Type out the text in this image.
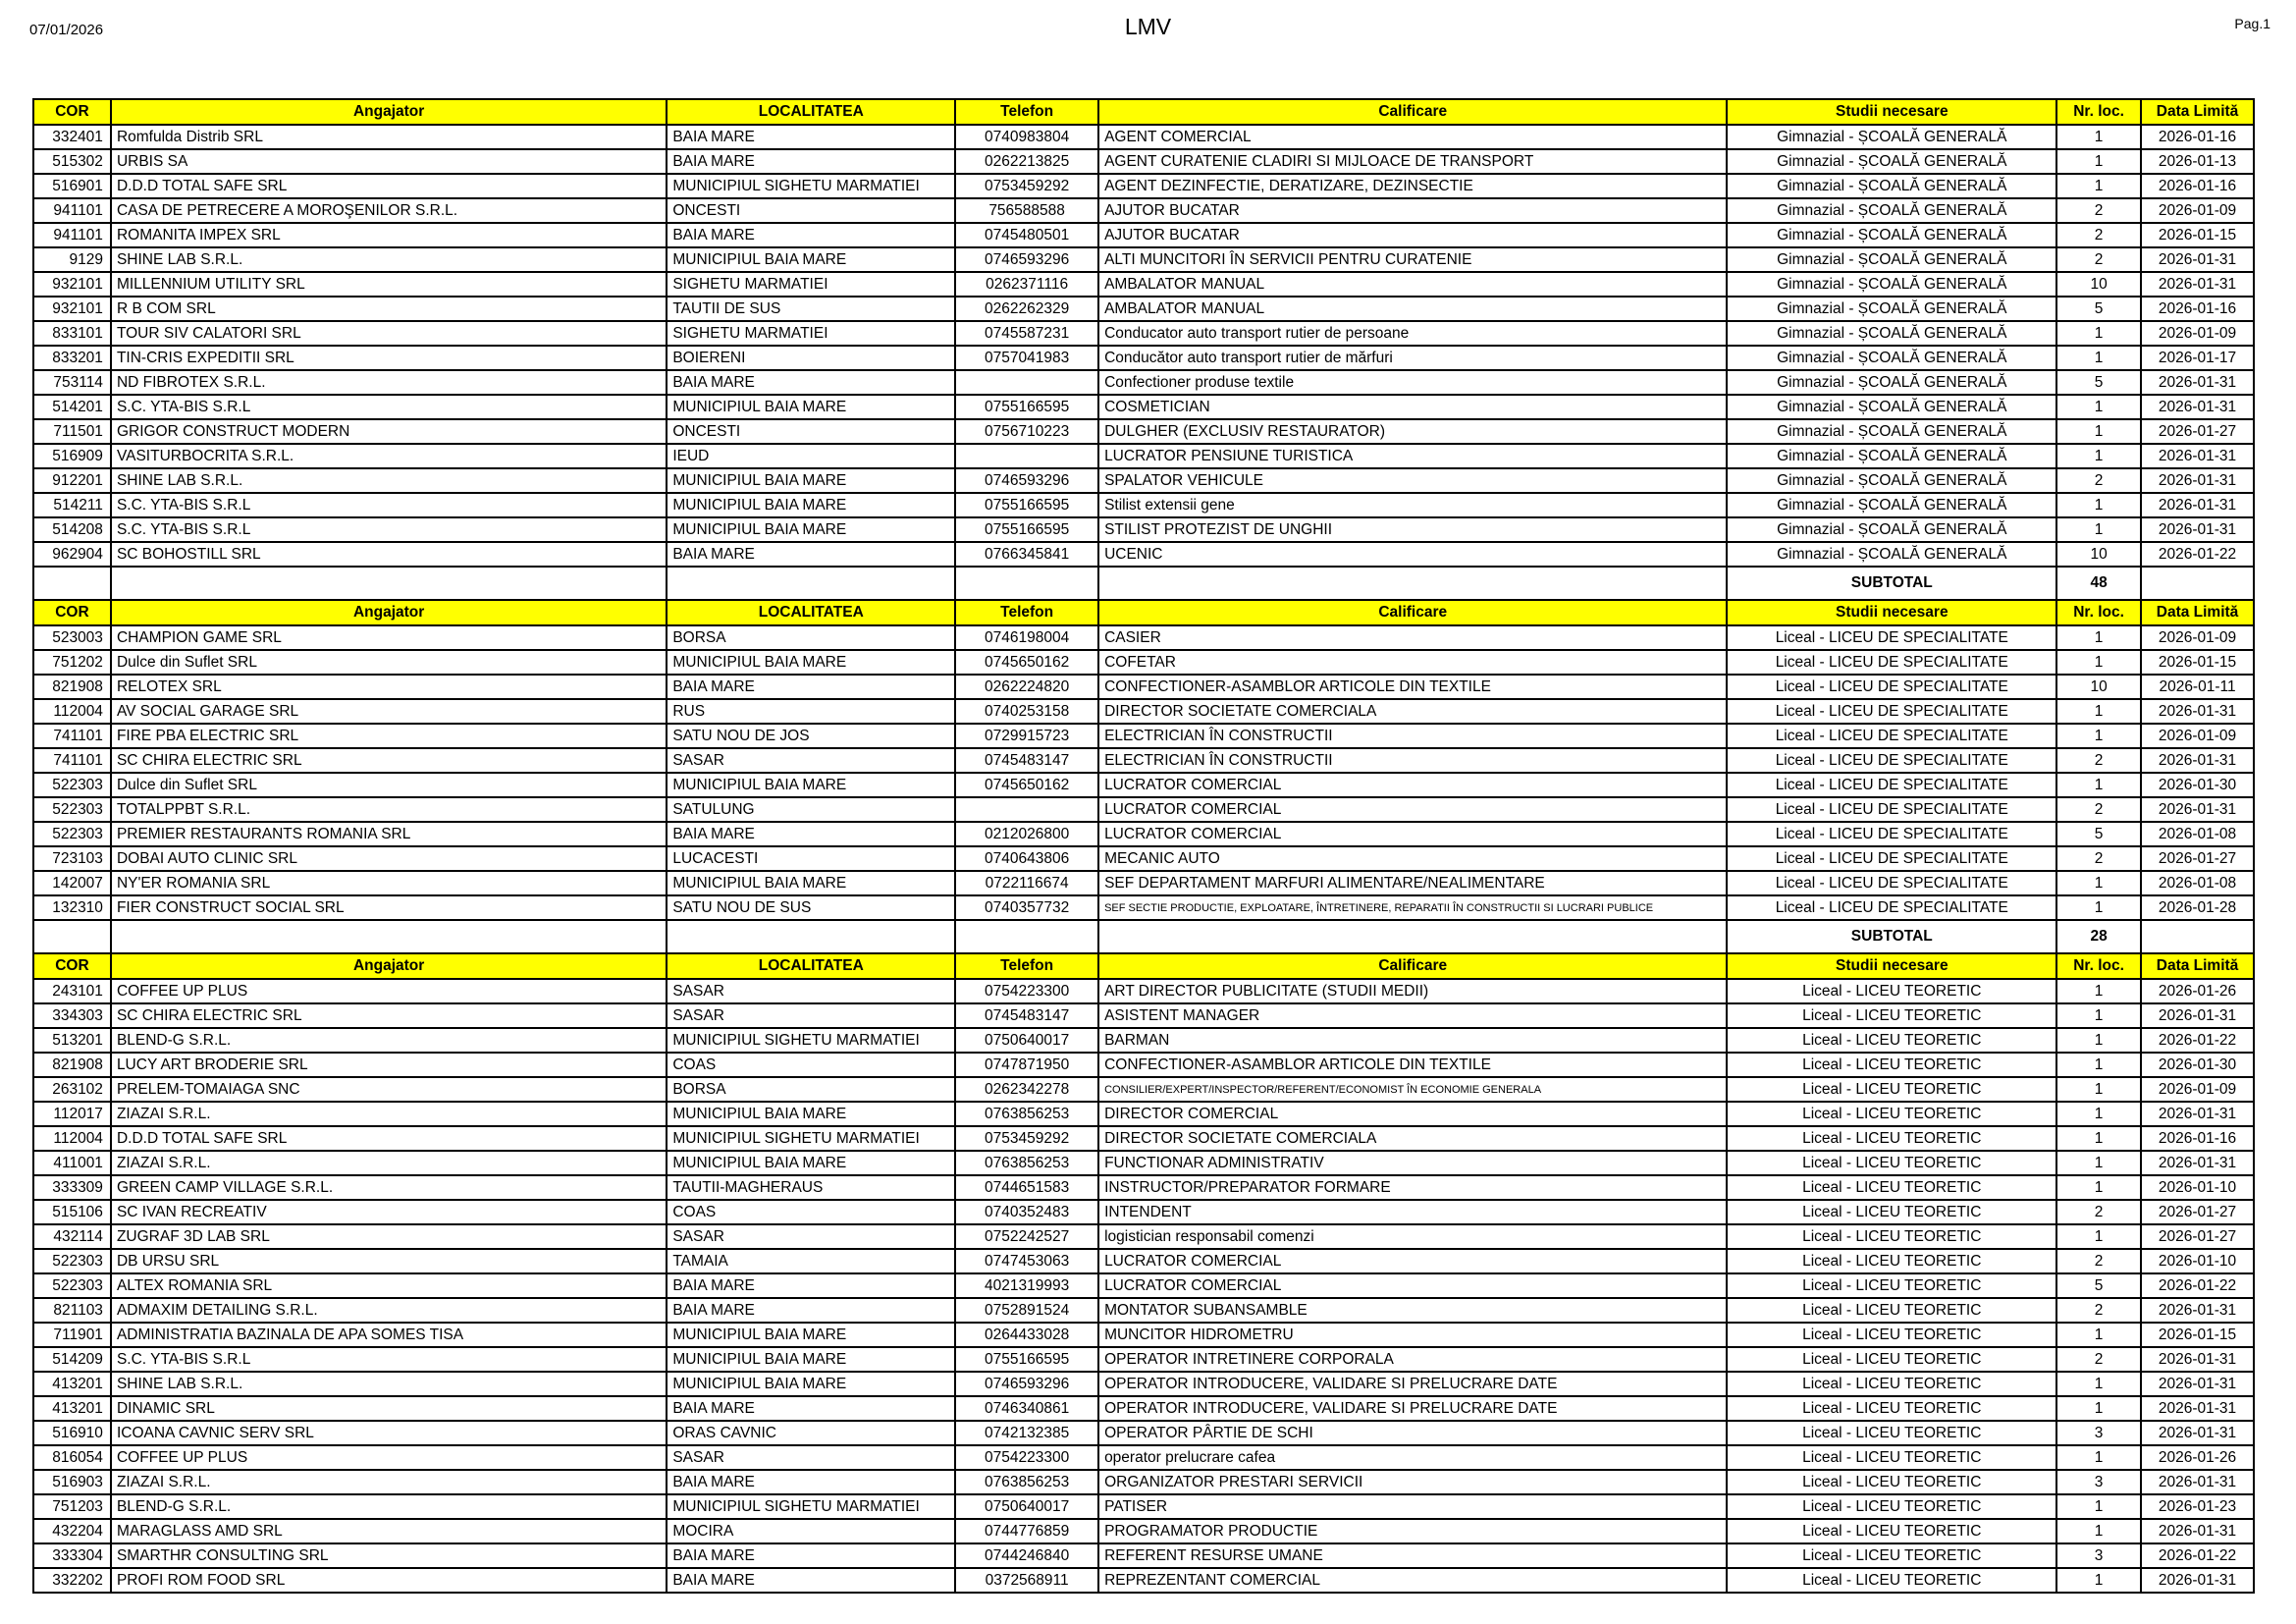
07/01/2026	LMV	Pag.1
COR	Angajator	LOCALITATEA	Telefon	Calificare	Studii necesare	Nr. loc.	Data Limită
332401	Romfulda Distrib SRL	BAIA MARE	0740983804	AGENT COMERCIAL	Gimnazial - ȘCOALĂ GENERALĂ	1	2026-01-16
515302	URBIS SA	BAIA MARE	0262213825	AGENT CURATENIE CLADIRI SI MIJLOACE DE TRANSPORT	Gimnazial - ȘCOALĂ GENERALĂ	1	2026-01-13
516901	D.D.D TOTAL SAFE SRL	MUNICIPIUL SIGHETU MARMATIEI	0753459292	AGENT DEZINFECTIE, DERATIZARE, DEZINSECTIE	Gimnazial - ȘCOALĂ GENERALĂ	1	2026-01-16
941101	CASA DE PETRECERE A MOROŞENILOR S.R.L.	ONCESTI	756588588	AJUTOR BUCATAR	Gimnazial - ȘCOALĂ GENERALĂ	2	2026-01-09
941101	ROMANITA IMPEX SRL	BAIA MARE	0745480501	AJUTOR BUCATAR	Gimnazial - ȘCOALĂ GENERALĂ	2	2026-01-15
9129	SHINE LAB S.R.L.	MUNICIPIUL BAIA MARE	0746593296	ALTI MUNCITORI ÎN SERVICII PENTRU CURATENIE	Gimnazial - ȘCOALĂ GENERALĂ	2	2026-01-31
932101	MILLENNIUM UTILITY SRL	SIGHETU MARMATIEI	0262371116	AMBALATOR MANUAL	Gimnazial - ȘCOALĂ GENERALĂ	10	2026-01-31
932101	R B COM SRL	TAUTII DE SUS	0262262329	AMBALATOR MANUAL	Gimnazial - ȘCOALĂ GENERALĂ	5	2026-01-16
833101	TOUR SIV CALATORI SRL	SIGHETU MARMATIEI	0745587231	Conducator auto transport rutier de persoane	Gimnazial - ȘCOALĂ GENERALĂ	1	2026-01-09
833201	TIN-CRIS EXPEDITII SRL	BOIERENI	0757041983	Conducător auto transport rutier de mărfuri	Gimnazial - ȘCOALĂ GENERALĂ	1	2026-01-17
753114	ND FIBROTEX S.R.L.	BAIA MARE		Confectioner produse textile	Gimnazial - ȘCOALĂ GENERALĂ	5	2026-01-31
514201	S.C. YTA-BIS S.R.L	MUNICIPIUL BAIA MARE	0755166595	COSMETICIAN	Gimnazial - ȘCOALĂ GENERALĂ	1	2026-01-31
711501	GRIGOR CONSTRUCT MODERN	ONCESTI	0756710223	DULGHER (EXCLUSIV RESTAURATOR)	Gimnazial - ȘCOALĂ GENERALĂ	1	2026-01-27
516909	VASITURBOCRITA S.R.L.	IEUD		LUCRATOR PENSIUNE TURISTICA	Gimnazial - ȘCOALĂ GENERALĂ	1	2026-01-31
912201	SHINE LAB S.R.L.	MUNICIPIUL BAIA MARE	0746593296	SPALATOR VEHICULE	Gimnazial - ȘCOALĂ GENERALĂ	2	2026-01-31
514211	S.C. YTA-BIS S.R.L	MUNICIPIUL BAIA MARE	0755166595	Stilist extensii gene	Gimnazial - ȘCOALĂ GENERALĂ	1	2026-01-31
514208	S.C. YTA-BIS S.R.L	MUNICIPIUL BAIA MARE	0755166595	STILIST PROTEZIST DE UNGHII	Gimnazial - ȘCOALĂ GENERALĂ	1	2026-01-31
962904	SC BOHOSTILL SRL	BAIA MARE	0766345841	UCENIC	Gimnazial - ȘCOALĂ GENERALĂ	10	2026-01-22
					SUBTOTAL	48	
COR	Angajator	LOCALITATEA	Telefon	Calificare	Studii necesare	Nr. loc.	Data Limită
523003	CHAMPION GAME SRL	BORSA	0746198004	CASIER	Liceal - LICEU DE SPECIALITATE	1	2026-01-09
751202	Dulce din Suflet SRL	MUNICIPIUL BAIA MARE	0745650162	COFETAR	Liceal - LICEU DE SPECIALITATE	1	2026-01-15
821908	RELOTEX SRL	BAIA MARE	0262224820	CONFECTIONER-ASAMBLOR ARTICOLE DIN TEXTILE	Liceal - LICEU DE SPECIALITATE	10	2026-01-11
112004	AV SOCIAL GARAGE SRL	RUS	0740253158	DIRECTOR SOCIETATE COMERCIALA	Liceal - LICEU DE SPECIALITATE	1	2026-01-31
741101	FIRE PBA ELECTRIC SRL	SATU NOU DE JOS	0729915723	ELECTRICIAN ÎN CONSTRUCTII	Liceal - LICEU DE SPECIALITATE	1	2026-01-09
741101	SC CHIRA ELECTRIC SRL	SASAR	0745483147	ELECTRICIAN ÎN CONSTRUCTII	Liceal - LICEU DE SPECIALITATE	2	2026-01-31
522303	Dulce din Suflet SRL	MUNICIPIUL BAIA MARE	0745650162	LUCRATOR COMERCIAL	Liceal - LICEU DE SPECIALITATE	1	2026-01-30
522303	TOTALPPBT S.R.L.	SATULUNG		LUCRATOR COMERCIAL	Liceal - LICEU DE SPECIALITATE	2	2026-01-31
522303	PREMIER RESTAURANTS ROMANIA SRL	BAIA MARE	0212026800	LUCRATOR COMERCIAL	Liceal - LICEU DE SPECIALITATE	5	2026-01-08
723103	DOBAI AUTO CLINIC SRL	LUCACESTI	0740643806	MECANIC AUTO	Liceal - LICEU DE SPECIALITATE	2	2026-01-27
142007	NY'ER ROMANIA SRL	MUNICIPIUL BAIA MARE	0722116674	SEF DEPARTAMENT MARFURI ALIMENTARE/NEALIMENTARE	Liceal - LICEU DE SPECIALITATE	1	2026-01-08
132310	FIER CONSTRUCT SOCIAL SRL	SATU NOU DE SUS	0740357732	SEF SECTIE PRODUCTIE, EXPLOATARE, ÎNTRETINERE, REPARATII ÎN CONSTRUCTII SI LUCRARI PUBLICE	Liceal - LICEU DE SPECIALITATE	1	2026-01-28
					SUBTOTAL	28	
COR	Angajator	LOCALITATEA	Telefon	Calificare	Studii necesare	Nr. loc.	Data Limită
243101	COFFEE UP PLUS	SASAR	0754223300	ART DIRECTOR PUBLICITATE (STUDII MEDII)	Liceal - LICEU TEORETIC	1	2026-01-26
334303	SC CHIRA ELECTRIC SRL	SASAR	0745483147	ASISTENT MANAGER	Liceal - LICEU TEORETIC	1	2026-01-31
513201	BLEND-G S.R.L.	MUNICIPIUL SIGHETU MARMATIEI	0750640017	BARMAN	Liceal - LICEU TEORETIC	1	2026-01-22
821908	LUCY ART BRODERIE SRL	COAS	0747871950	CONFECTIONER-ASAMBLOR ARTICOLE DIN TEXTILE	Liceal - LICEU TEORETIC	1	2026-01-30
263102	PRELEM-TOMAIAGA SNC	BORSA	0262342278	CONSILIER/EXPERT/INSPECTOR/REFERENT/ECONOMIST ÎN ECONOMIE GENERALA	Liceal - LICEU TEORETIC	1	2026-01-09
112017	ZIAZAI S.R.L.	MUNICIPIUL BAIA MARE	0763856253	DIRECTOR COMERCIAL	Liceal - LICEU TEORETIC	1	2026-01-31
112004	D.D.D TOTAL SAFE SRL	MUNICIPIUL SIGHETU MARMATIEI	0753459292	DIRECTOR SOCIETATE COMERCIALA	Liceal - LICEU TEORETIC	1	2026-01-16
411001	ZIAZAI S.R.L.	MUNICIPIUL BAIA MARE	0763856253	FUNCTIONAR ADMINISTRATIV	Liceal - LICEU TEORETIC	1	2026-01-31
333309	GREEN CAMP VILLAGE S.R.L.	TAUTII-MAGHERAUS	0744651583	INSTRUCTOR/PREPARATOR FORMARE	Liceal - LICEU TEORETIC	1	2026-01-10
515106	SC IVAN RECREATIV	COAS	0740352483	INTENDENT	Liceal - LICEU TEORETIC	2	2026-01-27
432114	ZUGRAF 3D LAB SRL	SASAR	0752242527	logistician responsabil comenzi	Liceal - LICEU TEORETIC	1	2026-01-27
522303	DB URSU SRL	TAMAIA	0747453063	LUCRATOR COMERCIAL	Liceal - LICEU TEORETIC	2	2026-01-10
522303	ALTEX ROMANIA SRL	BAIA MARE	4021319993	LUCRATOR COMERCIAL	Liceal - LICEU TEORETIC	5	2026-01-22
821103	ADMAXIM DETAILING S.R.L.	BAIA MARE	0752891524	MONTATOR SUBANSAMBLE	Liceal - LICEU TEORETIC	2	2026-01-31
711901	ADMINISTRATIA BAZINALA DE APA SOMES TISA	MUNICIPIUL BAIA MARE	0264433028	MUNCITOR HIDROMETRU	Liceal - LICEU TEORETIC	1	2026-01-15
514209	S.C. YTA-BIS S.R.L	MUNICIPIUL BAIA MARE	0755166595	OPERATOR INTRETINERE CORPORALA	Liceal - LICEU TEORETIC	2	2026-01-31
413201	SHINE LAB S.R.L.	MUNICIPIUL BAIA MARE	0746593296	OPERATOR INTRODUCERE, VALIDARE SI PRELUCRARE DATE	Liceal - LICEU TEORETIC	1	2026-01-31
413201	DINAMIC SRL	BAIA MARE	0746340861	OPERATOR INTRODUCERE, VALIDARE SI PRELUCRARE DATE	Liceal - LICEU TEORETIC	1	2026-01-31
516910	ICOANA CAVNIC SERV SRL	ORAS CAVNIC	0742132385	OPERATOR PÂRTIE DE SCHI	Liceal - LICEU TEORETIC	3	2026-01-31
816054	COFFEE UP PLUS	SASAR	0754223300	operator prelucrare cafea	Liceal - LICEU TEORETIC	1	2026-01-26
516903	ZIAZAI S.R.L.	BAIA MARE	0763856253	ORGANIZATOR PRESTARI SERVICII	Liceal - LICEU TEORETIC	3	2026-01-31
751203	BLEND-G S.R.L.	MUNICIPIUL SIGHETU MARMATIEI	0750640017	PATISER	Liceal - LICEU TEORETIC	1	2026-01-23
432204	MARAGLASS AMD SRL	MOCIRA	0744776859	PROGRAMATOR PRODUCTIE	Liceal - LICEU TEORETIC	1	2026-01-31
333304	SMARTHR CONSULTING SRL	BAIA MARE	0744246840	REFERENT RESURSE UMANE	Liceal - LICEU TEORETIC	3	2026-01-22
332202	PROFI ROM FOOD SRL	BAIA MARE	0372568911	REPREZENTANT COMERCIAL	Liceal - LICEU TEORETIC	1	2026-01-31
